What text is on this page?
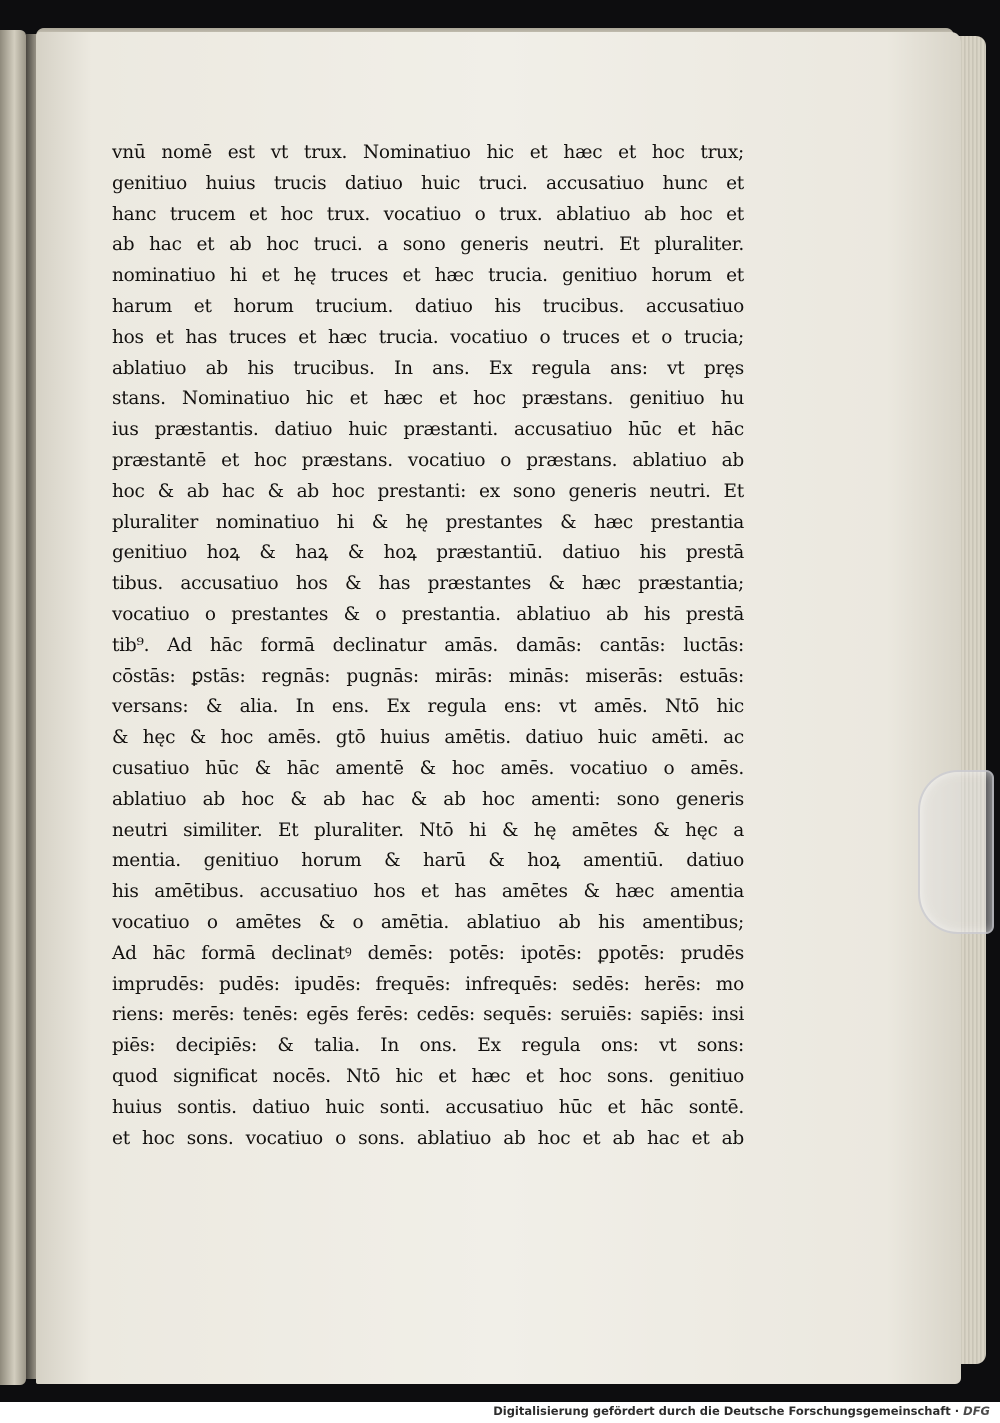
vnū nomē est vt trux. Nominatiuo hic et hæc et hoc trux;
genitiuo huius trucis datiuo huic truci. accusatiuo hunc et
hanc trucem et hoc trux. vocatiuo o trux. ablatiuo ab hoc et
ab hac et ab hoc truci. a sono generis neutri. Et pluraliter.
nominatiuo hi et hę truces et hæc trucia. genitiuo horum et
harum et horum trucium. datiuo his trucibus. accusatiuo
hos et has truces et hæc trucia. vocatiuo o truces et o trucia;
ablatiuo ab his trucibus. In ans. Ex regula ans: vt pręs
stans. Nominatiuo hic et hæc et hoc præstans. genitiuo hu
ius præstantis. datiuo huic præstanti. accusatiuo hūc et hāc
præstantē et hoc præstans. vocatiuo o præstans. ablatiuo ab
hoc & ab hac & ab hoc prestanti: ex sono generis neutri. Et
pluraliter nominatiuo hi & hę prestantes & hæc prestantia
genitiuo hoꝝ & haꝝ & hoꝝ præstantiū. datiuo his prestā
tibus. accusatiuo hos & has præstantes & hæc præstantia;
vocatiuo o prestantes & o prestantia. ablatiuo ab his prestā
tib⁹. Ad hāc formā declinatur amās. damās: cantās: luctās:
cōstās: ꝑstās: regnās: pugnās: mirās: minās: miserās: estuās:
versans: & alia. In ens. Ex regula ens: vt amēs. Ntō hic
& hęc & hoc amēs. gtō huius amētis. datiuo huic amēti. ac
cusatiuo hūc & hāc amentē & hoc amēs. vocatiuo o amēs.
ablatiuo ab hoc & ab hac & ab hoc amenti: sono generis
neutri similiter. Et pluraliter. Ntō hi & hę amētes & hęc a
mentia. genitiuo horum & harū & hoꝝ amentiū. datiuo
his amētibus. accusatiuo hos et has amētes & hæc amentia
vocatiuo o amētes & o amētia. ablatiuo ab his amentibus;
Ad hāc formā declinatꝰ demēs: potēs: ipotēs: ꝑpotēs: prudēs
imprudēs: pudēs: ipudēs: frequēs: infrequēs: sedēs: herēs: mo
riens: merēs: tenēs: egēs ferēs: cedēs: sequēs: seruiēs: sapiēs: insi
piēs: decipiēs: & talia. In ons. Ex regula ons: vt sons:
quod significat nocēs. Ntō hic et hæc et hoc sons. genitiuo
huius sontis. datiuo huic sonti. accusatiuo hūc et hāc sontē.
et hoc sons. vocatiuo o sons. ablatiuo ab hoc et ab hac et ab
Digitalisierung gefördert durch die Deutsche Forschungsgemeinschaft · DFG
